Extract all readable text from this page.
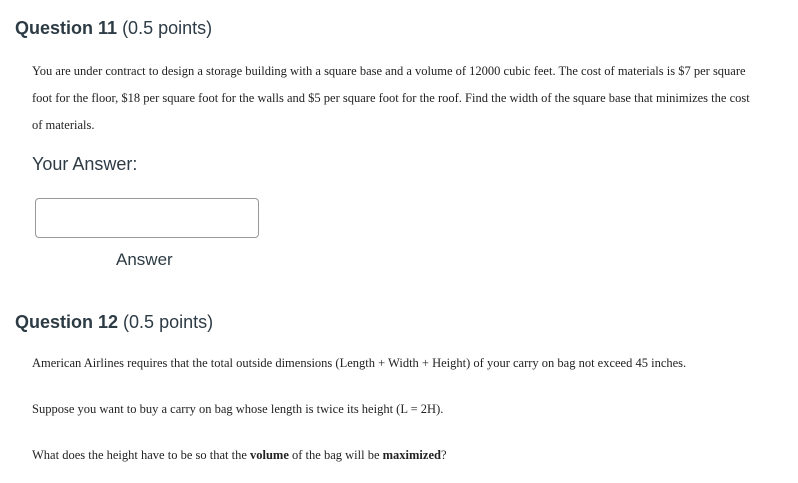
Question 11 (0.5 points)
You are under contract to design a storage building with a square base and a volume of 12000 cubic feet. The cost of materials is $7 per square foot for the floor, $18 per square foot for the walls and $5 per square foot for the roof. Find the width of the square base that minimizes the cost of materials.
Your Answer:
Answer
Question 12 (0.5 points)
American Airlines requires that the total outside dimensions (Length + Width + Height) of your carry on bag not exceed 45 inches.
Suppose you want to buy a carry on bag whose length is twice its height (L = 2H).
What does the height have to be so that the volume of the bag will be maximized?
